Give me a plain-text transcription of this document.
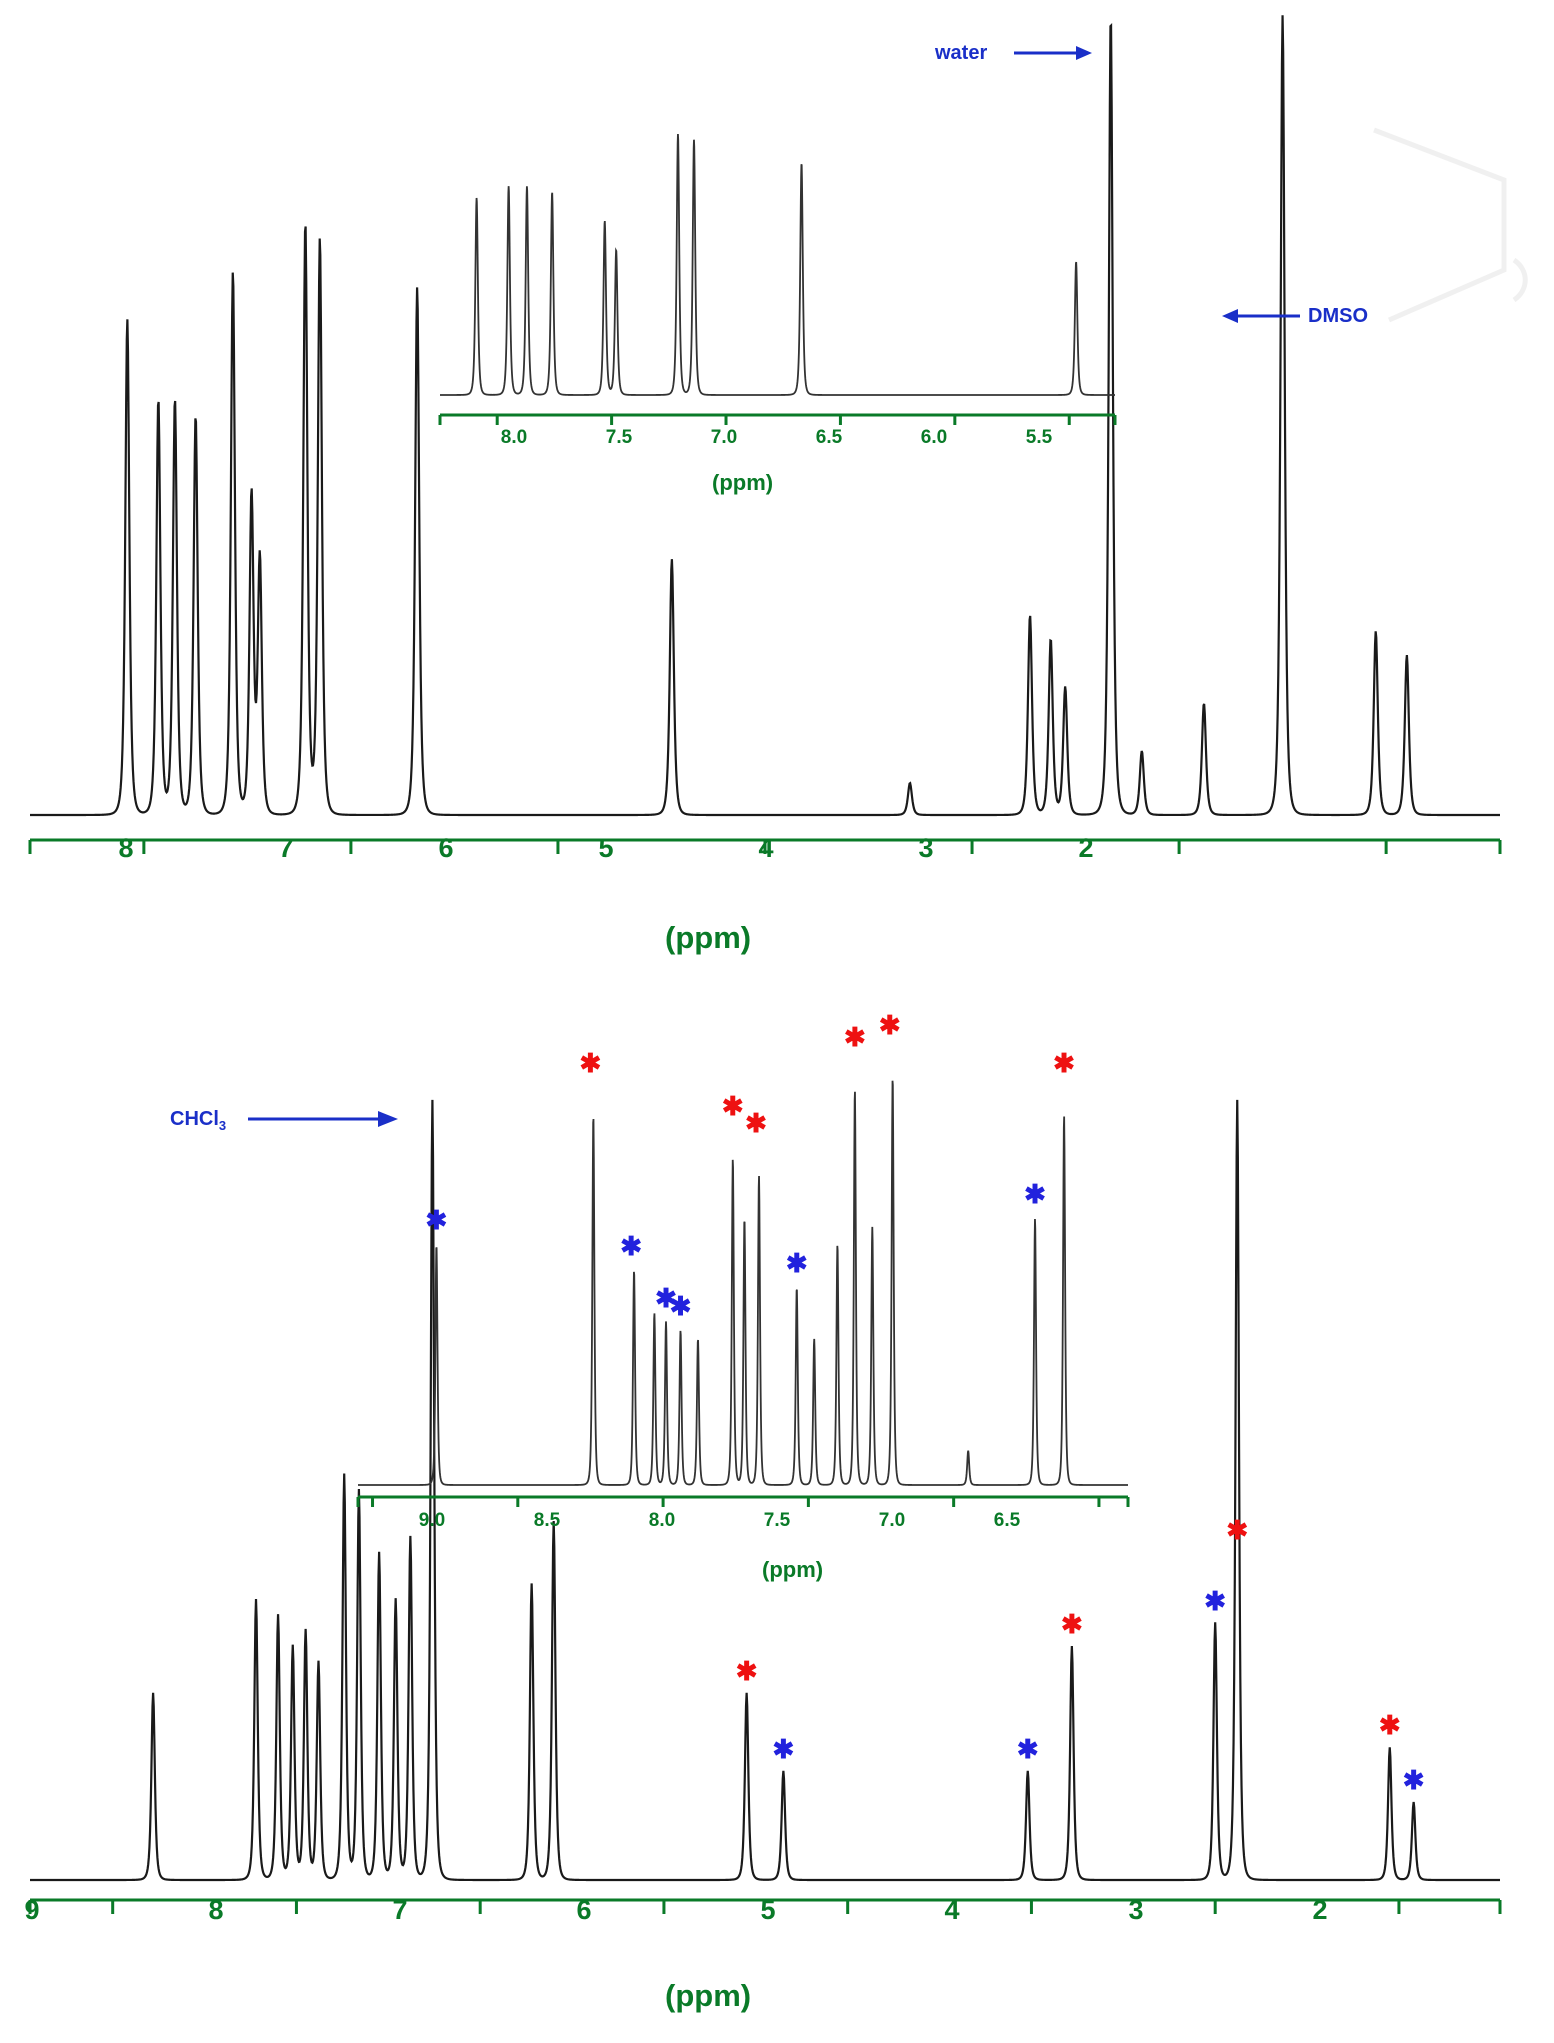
water
DMSO
8.0	7.5	7.0	6.5	6.0	5.5
(ppm)
8	7	6	5	4	3	2
(ppm)
CHCl$_3$
9.0	8.5	8.0	7.5	7.0	6.5
(ppm)
9	8	7	6	5	4	3	2
(ppm)
✱
✱	✱
✱
✱
✱
✱
✱
✱
✱
✱
✱
✱
✱
✱
✱
✱ ✱
✱
✱
